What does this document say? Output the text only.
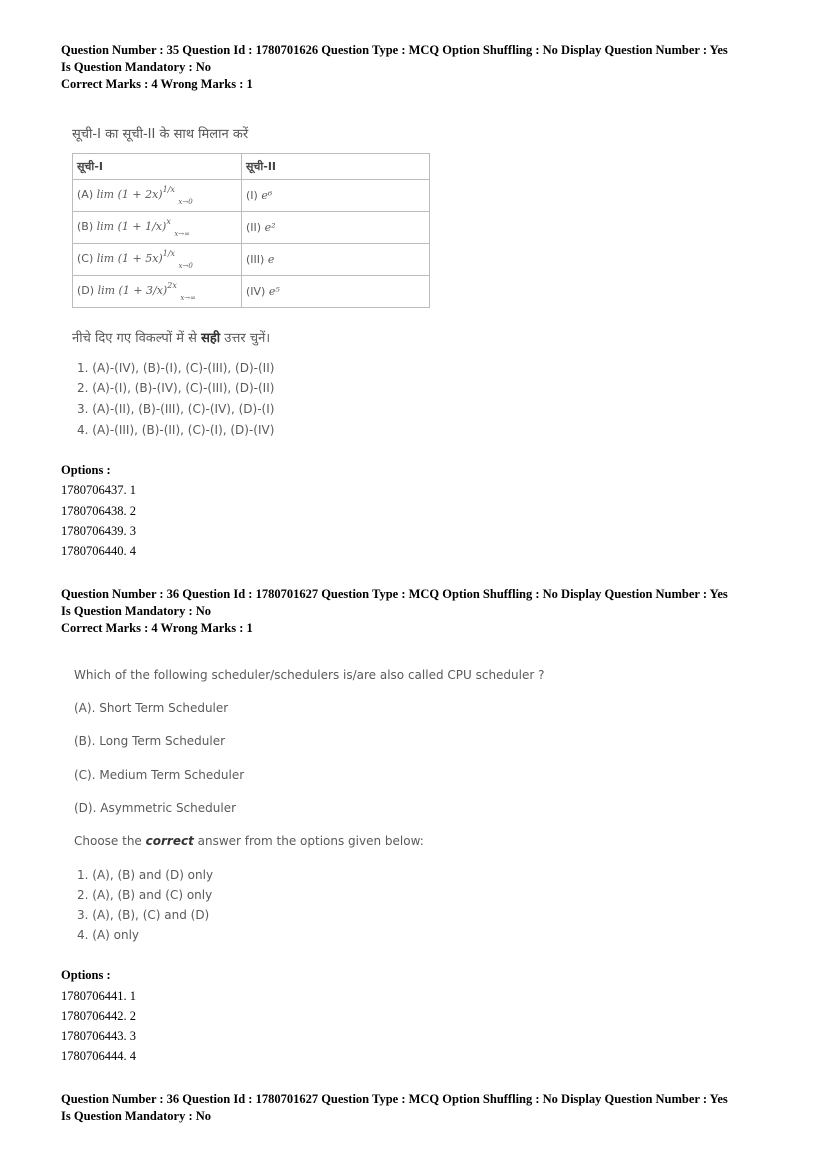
Question Number : 35 Question Id : 1780701626 Question Type : MCQ Option Shuffling : No Display Question Number : Yes
Is Question Mandatory : No
Correct Marks : 4 Wrong Marks : 1
सूची-I का सूची-II के साथ मिलान करें
सूची-I	सूची-II
(A) $\lim (1 + 2x)^{1/x}$ $_{x\to 0}$	(I) e⁶
(B) $\lim (1 + 1/x)^x$ $_{x\to\infty}$	(II) e²
(C) $\lim (1 + 5x)^{1/x}$ $_{x\to 0}$	(III) e
(D) $\lim (1 + 3/x)^{2x}$ $_{x\to\infty}$	(IV) e⁵
नीचे दिए गए विकल्पों में से सही उत्तर चुनें।
1. (A)-(IV), (B)-(I), (C)-(III), (D)-(II)
2. (A)-(I), (B)-(IV), (C)-(III), (D)-(II)
3. (A)-(II), (B)-(III), (C)-(IV), (D)-(I)
4. (A)-(III), (B)-(II), (C)-(I), (D)-(IV)
Options :
1780706437. 1
1780706438. 2
1780706439. 3
1780706440. 4
Question Number : 36 Question Id : 1780701627 Question Type : MCQ Option Shuffling : No Display Question Number : Yes
Is Question Mandatory : No
Correct Marks : 4 Wrong Marks : 1
Which of the following scheduler/schedulers is/are also called CPU scheduler ?
(A). Short Term Scheduler
(B). Long Term Scheduler
(C). Medium Term Scheduler
(D). Asymmetric Scheduler
Choose the correct answer from the options given below:
1. (A), (B) and (D) only
2. (A), (B) and (C) only
3. (A), (B), (C) and (D)
4. (A) only
Options :
1780706441. 1
1780706442. 2
1780706443. 3
1780706444. 4
Question Number : 36 Question Id : 1780701627 Question Type : MCQ Option Shuffling : No Display Question Number : Yes
Is Question Mandatory : No
